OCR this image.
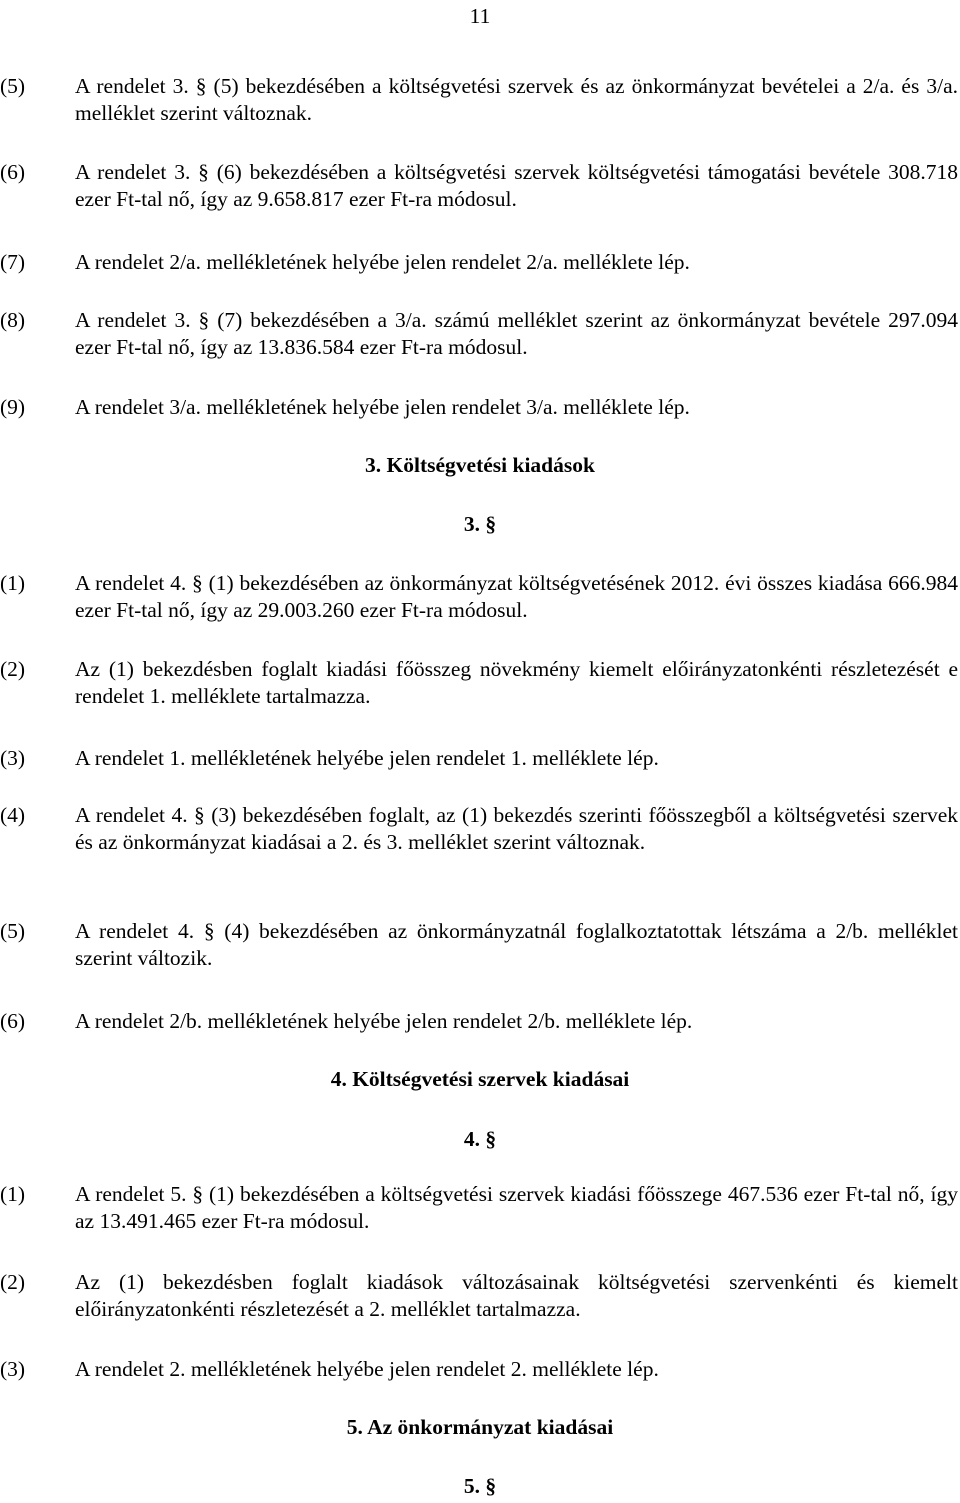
11
(5)	A rendelet 3. § (5) bekezdésében a költségvetési szervek és az önkormányzat bevételei a 2/a. és 3/a. melléklet szerint változnak.
(6)	A rendelet 3. § (6) bekezdésében a költségvetési szervek költségvetési támogatási bevétele 308.718 ezer Ft-tal nő, így az 9.658.817 ezer Ft-ra módosul.
(7)	A rendelet 2/a. mellékletének helyébe jelen rendelet 2/a. melléklete lép.
(8)	A rendelet 3. § (7) bekezdésében a 3/a. számú melléklet szerint az önkormányzat bevétele 297.094 ezer Ft-tal nő, így az 13.836.584 ezer Ft-ra módosul.
(9)	A rendelet 3/a. mellékletének helyébe jelen rendelet 3/a. melléklete lép.
3. Költségvetési kiadások
3. §
(1)	A rendelet 4. § (1) bekezdésében az önkormányzat költségvetésének 2012. évi összes kiadása 666.984 ezer Ft-tal nő, így az 29.003.260 ezer Ft-ra módosul.
(2)	Az (1) bekezdésben foglalt kiadási főösszeg növekmény kiemelt előirányzatonkénti részletezését e rendelet 1. melléklete tartalmazza.
(3)	A rendelet 1. mellékletének helyébe jelen rendelet 1. melléklete lép.
(4)	A rendelet 4. § (3) bekezdésében foglalt, az (1) bekezdés szerinti főösszegből a költségvetési szervek és az önkormányzat kiadásai a 2. és 3. melléklet szerint változnak.
(5)	A rendelet 4. § (4) bekezdésében az önkormányzatnál foglalkoztatottak létszáma a 2/b. melléklet szerint változik.
(6)	A rendelet 2/b. mellékletének helyébe jelen rendelet 2/b. melléklete lép.
4. Költségvetési szervek kiadásai
4. §
(1)	A rendelet 5. § (1) bekezdésében a költségvetési szervek kiadási főösszege 467.536 ezer Ft-tal nő, így az 13.491.465 ezer Ft-ra módosul.
(2)	Az (1) bekezdésben foglalt kiadások változásainak költségvetési szervenkénti és kiemelt előirányzatonkénti részletezését a 2. melléklet tartalmazza.
(3)	A rendelet 2. mellékletének helyébe jelen rendelet 2. melléklete lép.
5. Az önkormányzat kiadásai
5. §
